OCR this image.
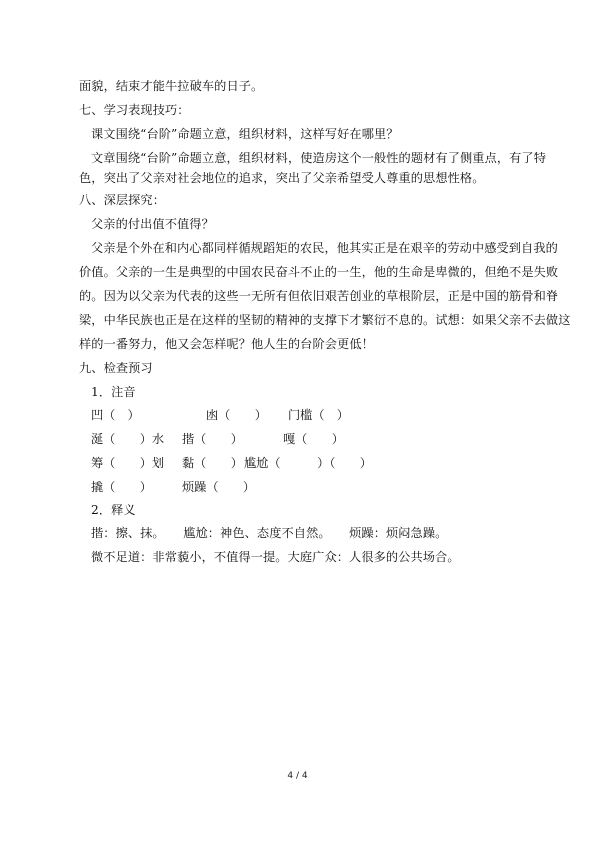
面貌，结束才能牛拉破车的日子。
七、学习表现技巧：
课文围绕“台阶”命题立意，组织材料，这样写好在哪里？
文章围绕“台阶”命题立意，组织材料，使造房这个一般性的题材有了侧重点，有了特
色，突出了父亲对社会地位的追求，突出了父亲希望受人尊重的思想性格。
八、深层探究：
父亲的付出值不值得？
父亲是个外在和内心都同样循规蹈矩的农民，他其实正是在艰辛的劳动中感受到自我的
价值。父亲的一生是典型的中国农民奋斗不止的一生，他的生命是卑微的，但绝不是失败
的。因为以父亲为代表的这些一无所有但依旧艰苦创业的草根阶层，正是中国的筋骨和脊
梁，中华民族也正是在这样的坚韧的精神的支撑下才繁衍不息的。试想：如果父亲不去做这
样的一番努力，他又会怎样呢？他人生的台阶会更低！
九、检查预习
1．注音
凹（　）	凼（　　） 门槛（　）
涎（　　）水 揩（　　）	嘎（　　）
筹（　　）划 黏（　　） 尴尬（　　　）（　　）
撬（　　） 烦躁（　　）
2．释义
揩：擦、抹。　　尴尬：神色、态度不自然。　　烦躁：烦闷急躁。
微不足道：非常藐小，不值得一提。大庭广众：人很多的公共场合。
4 / 4
